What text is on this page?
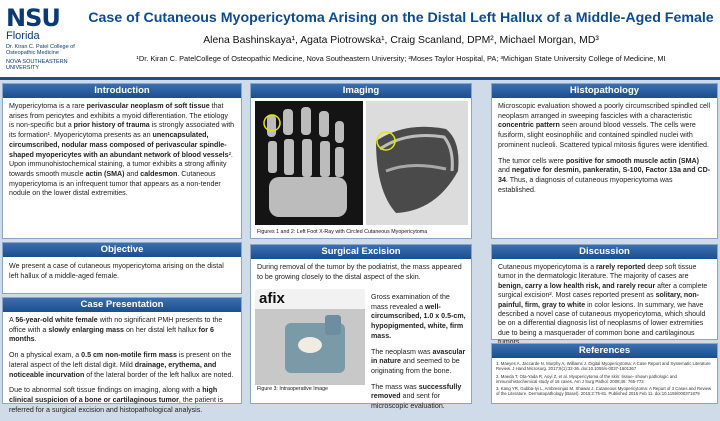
NSU
Florida
Dr. Kiran C. Patel College of Osteopathic Medicine
NOVA SOUTHEASTERN UNIVERSITY
Case of Cutaneous Myopericytoma Arising on the Distal Left Hallux of a Middle-Aged Female
Alena Bashinskaya¹, Agata Piotrowska¹, Craig Scanland, DPM², Michael Morgan, MD³
¹Dr. Kiran C. PatelCollege of Osteopathic Medicine, Nova Southeastern University; ²Moses Taylor Hospital, PA; ³Michigan State University College of Medicine, MI
Introduction

Myopericytoma is a rare perivascular neoplasm of soft tissue that arises from pericytes and exhibits a myoid differentiation. The etiology is non-specific but a prior history of trauma is strongly associated with its formation¹. Myopericytoma presents as an unencapsulated, circumscribed, nodular mass composed of perivascular spindle-shaped myopericytes with an abundant network of blood vessels². Upon immunohistochemical staining, a tumor exhibits a strong affinity towards smooth muscle actin (SMA) and caldesmon. Cutaneous myopericytoma is an infrequent tumor that appears as a non-tender nodule on the lower distal extremities.

Objective
We present a case of cutaneous myopericytoma arising on the distal left hallux of a middle-aged female.
Case Presentation

A 56-year-old white female with no significant PMH presents to the office with a slowly enlarging mass on her distal left hallux for 6 months.

On a physical exam, a 0.5 cm non-motile firm mass is present on the lateral aspect of the left distal digit. Mild drainage, erythema, and noticeable incurvation of the lateral border of the left hallux are noted.

Due to abnormal soft tissue findings on imaging, along with a high clinical suspicion of a bone or cartilaginous tumor, the patient is referred for a surgical excision and histopathological analysis.

Imaging
Figures 1 and 2: Left Foot X-Ray with Circled Cutaneous Myopericytoma
Surgical Excision
During removal of the tumor by the podiatrist, the mass appeared to be growing closely to the distal aspect of the skin.
afix
Figure 3: Intraoperative Image

Gross examination of the mass revealed a well-circumscribed, 1.0 x 0.5-cm, hypopigmented, white, firm mass.

The neoplasm was avascular in nature and seemed to be originating from the bone.

The mass was successfully removed and sent for microscopic evaluation.

Histopathology

Microscopic evaluation showed a poorly circumscribed spindled cell neoplasm arranged in sweeping fascicles with a characteristic concentric pattern seen around blood vessels. The cells were fusiform, slight eosinophilic and contained spindled nuclei with prominent nucleoli. Scattered typical mitosis figures were identified.

The tumor cells were positive for smooth muscle actin (SMA) and negative for desmin, pankeratin, S-100, Factor 13a and CD-34. Thus, a diagnosis of cutaneous myopericytoma was established.

Discussion

Cutaneous myopericytoma is a rarely reported deep soft tissue tumor in the dermatologic literature. The majority of cases are benign, carry a low health risk, and rarely recur after a complete surgical excision². Most cases reported present as solitary, non-painful, firm, gray to white in color lesions. In summary, we have described a novel case of cutaneous myopericytoma, which should be on a differential diagnosis list of neoplasms of lower extremities due to being a masquerader of common bone and cartilaginous

References
1. Maeyes A, Jaccarde N, Murphy A, Williams J. Digital Myopericytoma: A Case Report and Systematic Literature Review. J Hand Microsurg. 2017;9(1):32-36. doi:10.1055/s-0037-1601367
2. Maeda T, Ota-Yada R, Aoyi Z, et al. Myopericytoma of the skin: tissue- shown pathologic and immunohistochemical study of 16 cases. Am J Surg Pathol. 2008;46: 765-772
3. Kang YR, Gubba-Iyi L, Ambresinjas M, Shawar J. Cutaneous Myopericytoma: A Report of 3 Cases and Review of the Literature. Dermatopathology (Basel). 2015;2:75-81. Published 2015 Feb 11. doi:10.1159/000371879
